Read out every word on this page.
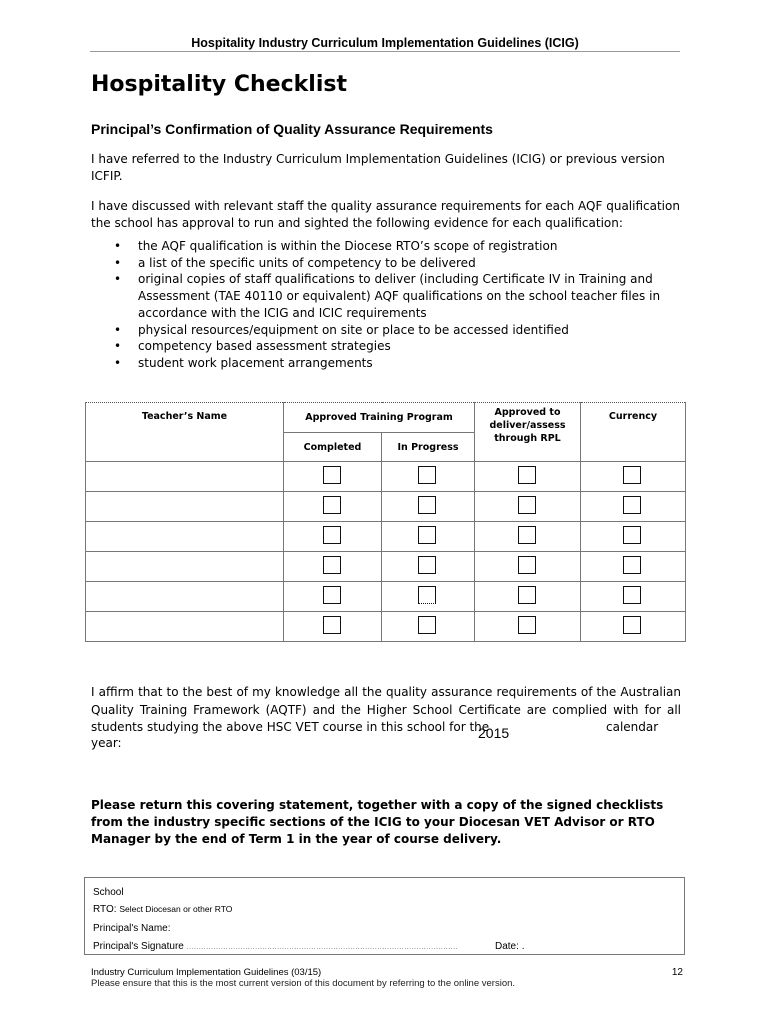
Hospitality Industry Curriculum Implementation Guidelines (ICIG)
Hospitality Checklist
Principal’s Confirmation of Quality Assurance Requirements
I have referred to the Industry Curriculum Implementation Guidelines (ICIG) or previous version ICFIP.
I have discussed with relevant staff the quality assurance requirements for each AQF qualification the school has approval to run and sighted the following evidence for each qualification:
• the AQF qualification is within the Diocese RTO’s scope of registration
• a list of the specific units of competency to be delivered
• original copies of staff qualifications to deliver (including Certificate IV in Training and Assessment (TAE 40110 or equivalent) AQF qualifications on the school teacher files in accordance with the ICIG and ICIC requirements
• physical resources/equipment on site or place to be accessed identified
• competency based assessment strategies
• student work placement arrangements
Teacher’s Name	Approved Training Program		Approved to deliver/assess through RPL	Currency
	Completed	In Progress		

I affirm that to the best of my knowledge all the quality assurance requirements of the Australian
Quality Training Framework (AQTF) and the Higher School Certificate are complied with for all
students studying the above HSC VET course in this school for the
2015	calendar
year:
Please return this covering statement, together with a copy of the signed checklists from the industry specific sections of the ICIG to your Diocesan VET Advisor or RTO Manager by the end of Term 1 in the year of course delivery.
School
RTO: Select Diocesan or other RTO
Principal's Name:
Principal's Signature ...............................................................................................................	Date: .
Industry Curriculum Implementation Guidelines (03/15)
Please ensure that this is the most current version of this document by referring to the online version.
12
